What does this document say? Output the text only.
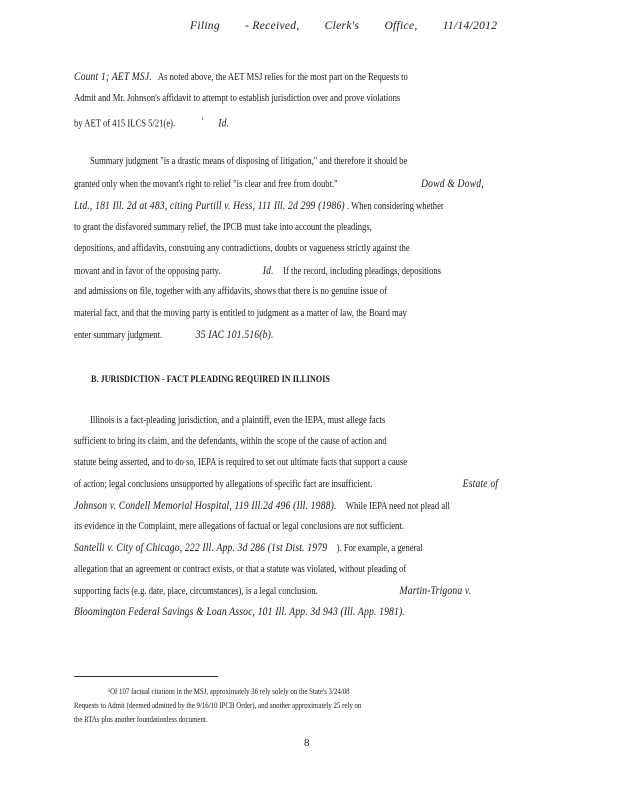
Filing - Received, Clerk's Office, 11/14/2012
Count 1; AET MSJ. As noted above, the AET MSJ relies for the most part on the Requests to
Admit and Mr. Johnson's affidavit to attempt to establish jurisdiction over and prove violations
by AET of 415 ILCS 5/21(e).	$^{^1}$ Id.
Summary judgment "is a drastic means of disposing of litigation," and therefore it should be
granted only when the movant's right to relief "is clear and free from doubt."	Dowd & Dowd,
Ltd., 181 Ill. 2d at 483, citing Purtill v. Hess, 111 Ill. 2d 299 (1986) . When considering whether
to grant the disfavored summary relief, the IPCB must take into account the pleadings,
depositions, and affidavits, construing any contradictions, doubts or vagueness strictly against the
movant and in favor of the opposing party.	Id. If the record, including pleadings, depositions
and admissions on file, together with any affidavits, shows that there is no genuine issue of
material fact, and that the moving party is entitled to judgment as a matter of law, the Board may
enter summary judgment.	35 IAC 101.516(b).
B. JURISDICTION - FACT PLEADING REQUIRED IN ILLINOIS
Illinois is a fact-pleading jurisdiction, and a plaintiff, even the IEPA, must allege facts
sufficient to bring its claim, and the defendants, within the scope of the cause of action and
statute being asserted, and to do so, IEPA is required to set out ultimate facts that support a cause
of action; legal conclusions unsupported by allegations of specific fact are insufficient.	Estate of
Johnson v. Condell Memorial Hospital, 119 Ill.2d 496 (Ill. 1988). While IEPA need not plead all
its evidence in the Complaint, mere allegations of factual or legal conclusions are not sufficient.
Santelli v. City of Chicago, 222 Ill. App. 3d 286 (1st Dist. 1979 ). For example, a general
allegation that an agreement or contract exists, or that a statute was violated, without pleading of
supporting facts (e.g. date, place, circumstances), is a legal conclusion.	Martin-Trigona v.
Bloomington Federal Savings & Loan Assoc, 101 Ill. App. 3d 943 (Ill. App. 1981).
¹Of 107 factual citations in the MSJ, approximately 36 rely solely on the State's 3/24/08
Requests to Admit (deemed admitted by the 9/16/10 IPCB Order), and another approximately 25 rely on
the RTAs plus another foundationless document.
8
